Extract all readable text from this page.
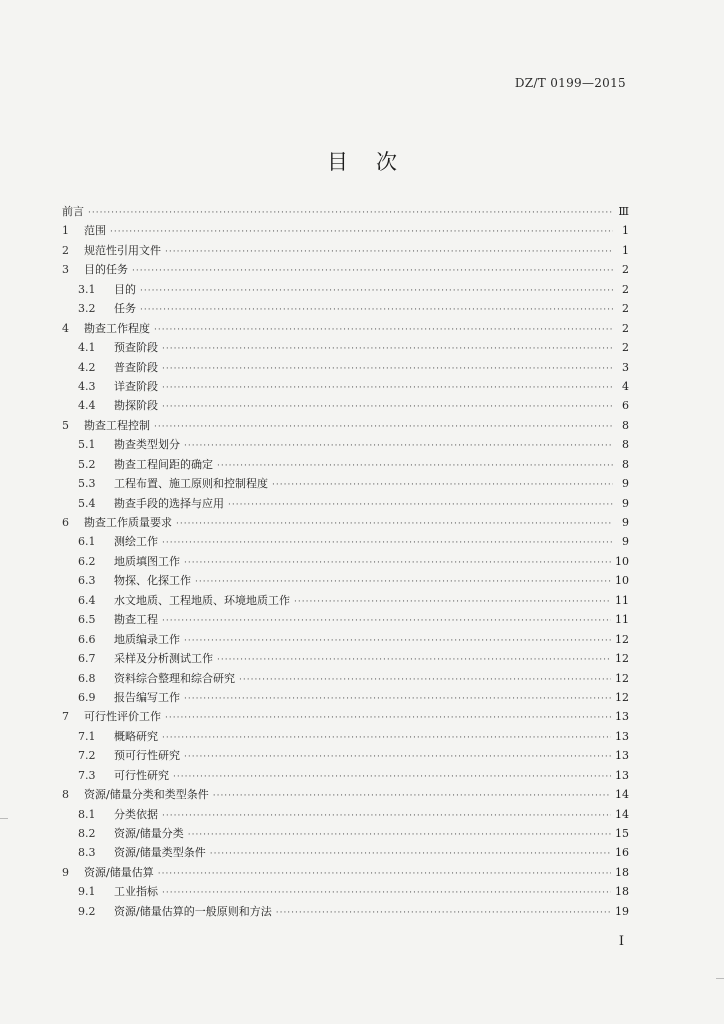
DZ/T 0199—2015
目次
前言 ·····	Ⅲ
1	范围 ·····	1
2	规范性引用文件 ·····	1
3	目的任务 ·····	2
3.1	目的 ·····	2
3.2	任务 ·····	2
4	勘查工作程度 ·····	2
4.1	预查阶段 ·····	2
4.2	普查阶段 ·····	3
4.3	详查阶段 ·····	4
4.4	勘探阶段 ·····	6
5	勘查工程控制 ·····	8
5.1	勘查类型划分 ·····	8
5.2	勘查工程间距的确定 ·····	8
5.3	工程布置、施工原则和控制程度 ·····	9
5.4	勘查手段的选择与应用 ·····	9
6	勘查工作质量要求 ·····	9
6.1	测绘工作 ·····	9
6.2	地质填图工作 ·····	10
6.3	物探、化探工作 ·····	10
6.4	水文地质、工程地质、环境地质工作 ·····	11
6.5	勘查工程 ·····	11
6.6	地质编录工作 ·····	12
6.7	采样及分析测试工作 ·····	12
6.8	资料综合整理和综合研究 ·····	12
6.9	报告编写工作 ·····	12
7	可行性评价工作 ·····	13
7.1	概略研究 ·····	13
7.2	预可行性研究 ·····	13
7.3	可行性研究 ·····	13
8	资源/储量分类和类型条件 ·····	14
8.1	分类依据 ·····	14
8.2	资源/储量分类 ·····	15
8.3	资源/储量类型条件 ·····	16
9	资源/储量估算 ·····	18
9.1	工业指标 ·····	18
9.2	资源/储量估算的一般原则和方法 ·····	19
I
